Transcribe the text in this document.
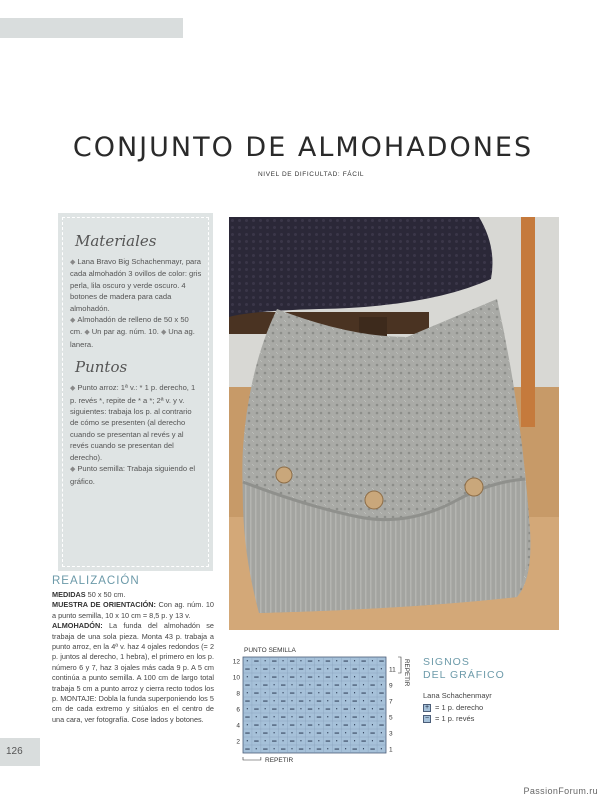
CONJUNTO DE ALMOHADONES
NIVEL DE DIFICULTAD: FÁCIL
Materiales

◆ Lana Bravo Big Schachenmayr, para cada almohadón 3 ovillos de color: gris perla, lila oscuro y verde oscuro. 4 botones de madera para cada almohadón.
◆ Almohadón de relleno de 50 x 50 cm. ◆ Un par ag. núm. 10. ◆ Una ag. lanera.

Puntos

◆ Punto arroz: 1ª v.: * 1 p. derecho, 1 p. revés *, repite de * a *; 2ª v. y v. siguientes: trabaja los p. al contrario de cómo se presenten (al derecho cuando se presentan al revés y al revés cuando se presentan del derecho).
◆ Punto semilla: Trabaja siguiendo el gráfico.

REALIZACIÓN
MEDIDAS 50 x 50 cm.
MUESTRA DE ORIENTACIÓN: Con ag. núm. 10 a punto semilla, 10 x 10 cm = 8,5 p. y 13 v.
ALMOHADÓN: La funda del almohadón se trabaja de una sola pieza. Monta 43 p. trabaja a punto arroz, en la 4ª v. haz 4 ojales redondos (= 2 p. juntos al derecho, 1 hebra), el primero en los p. número 6 y 7, haz 3 ojales más cada 9 p. A 5 cm continúa a punto semilla. A 100 cm de largo total trabaja 5 cm a punto arroz y cierra recto todos los p. MONTAJE: Dobla la funda superponiendo los 5 cm de cada extremo y sitúalos en el centro de una cara, ver fotografía. Cose lados y botones.
126
PUNTO SEMILLA
12
10
8
6
4
2
11
9
7
5
3
1
REPETIR
REPETIR
SIGNOS
DEL GRÁFICO
Lana Schachenmayr
+ = 1 p. derecho
− = 1 p. revés
PassionForum.ru
